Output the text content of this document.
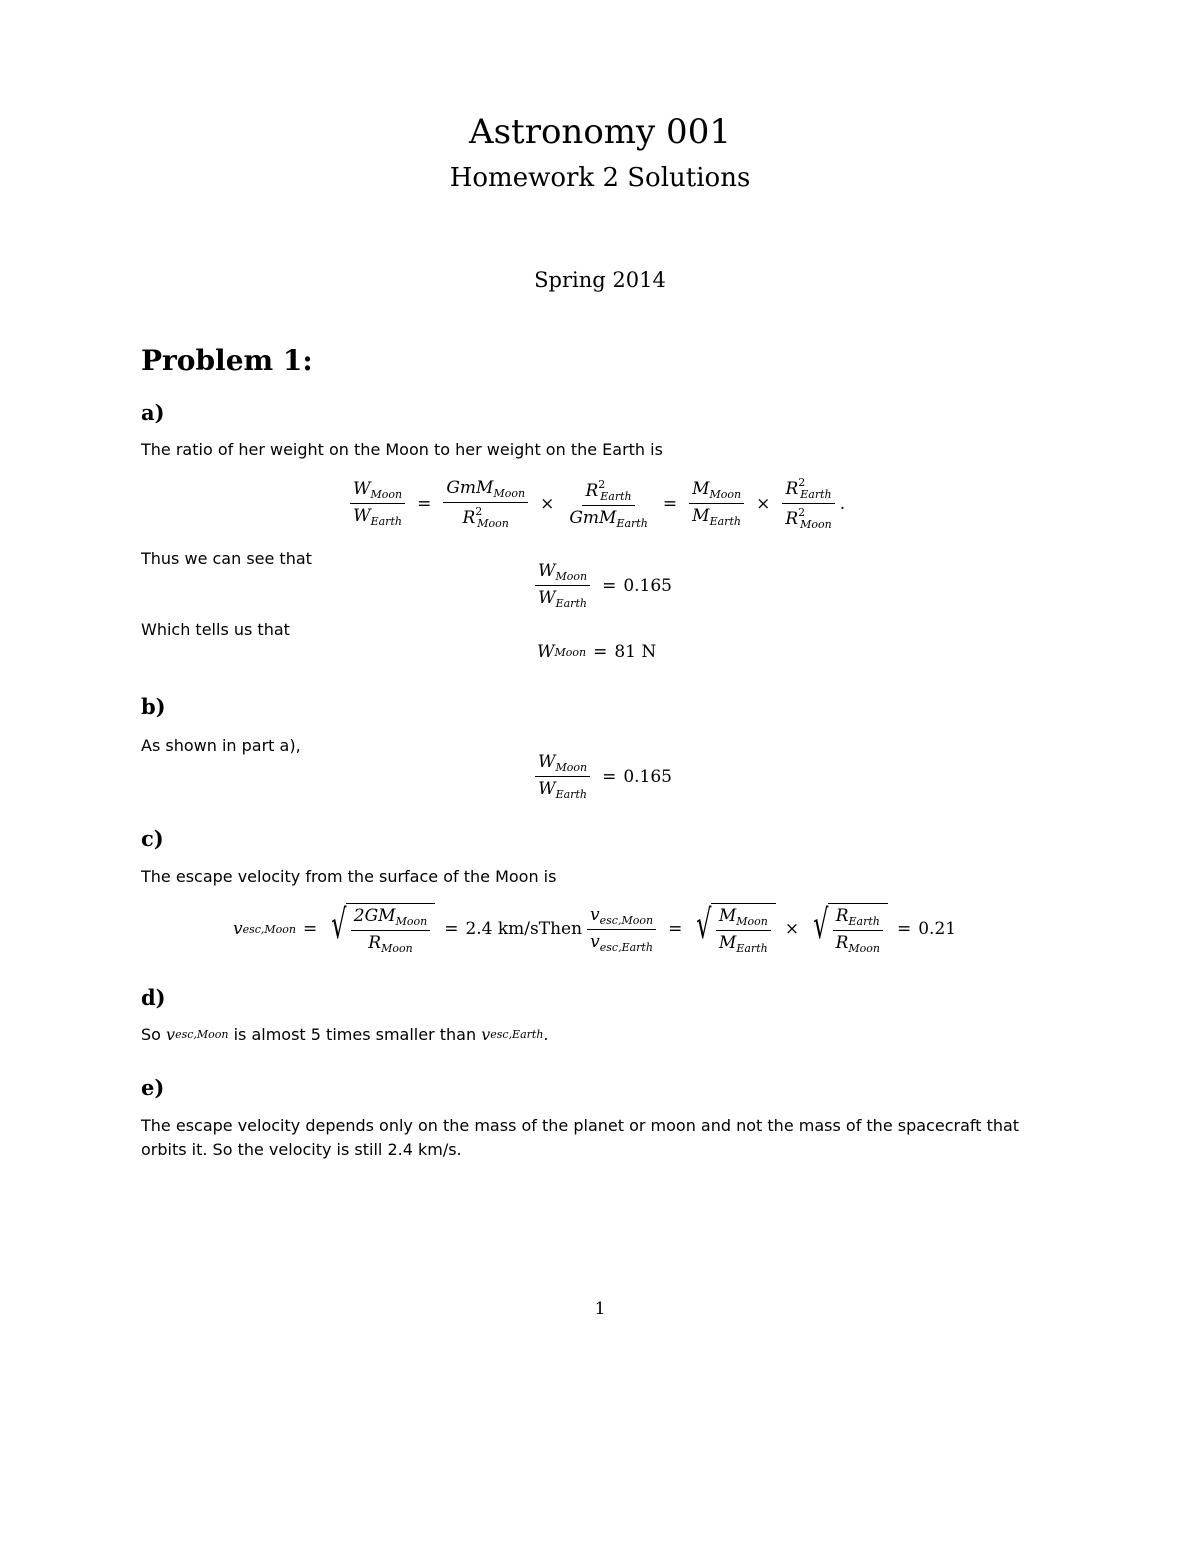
Astronomy 001
Homework 2 Solutions
Spring 2014
Problem 1:
a)
The ratio of her weight on the Moon to her weight on the Earth is
$\frac{W_{Moon}}{W_{Earth}} = \frac{GmM_{Moon}}{R^2_{Moon}} \times \frac{R^2_{Earth}}{GmM_{Earth}} = \frac{M_{Moon}}{M_{Earth}} \times \frac{R^2_{Earth}}{R^2_{Moon}}$ .
Thus we can see that
$\frac{W_{Moon}}{W_{Earth}} = 0.165$
Which tells us that
W Moon = 81 N
b)
As shown in part a),
$\frac{W_{Moon}}{W_{Earth}} = 0.165$
c)
The escape velocity from the surface of the Moon is
v esc,Moon = √ $\frac{2GM_{Moon}}{R_{Moon}} = 2.4$ km/s Then $\frac{v_{esc,Moon}}{v_{esc,Earth}}$ = √ $\frac{M_{Moon}}{M_{Earth}}$ × √ $\frac{R_{Earth}}{R_{Moon}} = 0.21$
d)
So v esc,Moon is almost 5 times smaller than v esc,Earth .
e)
The escape velocity depends only on the mass of the planet or moon and not the mass of the spacecraft that
orbits it. So the velocity is still 2.4 km/s.
1
